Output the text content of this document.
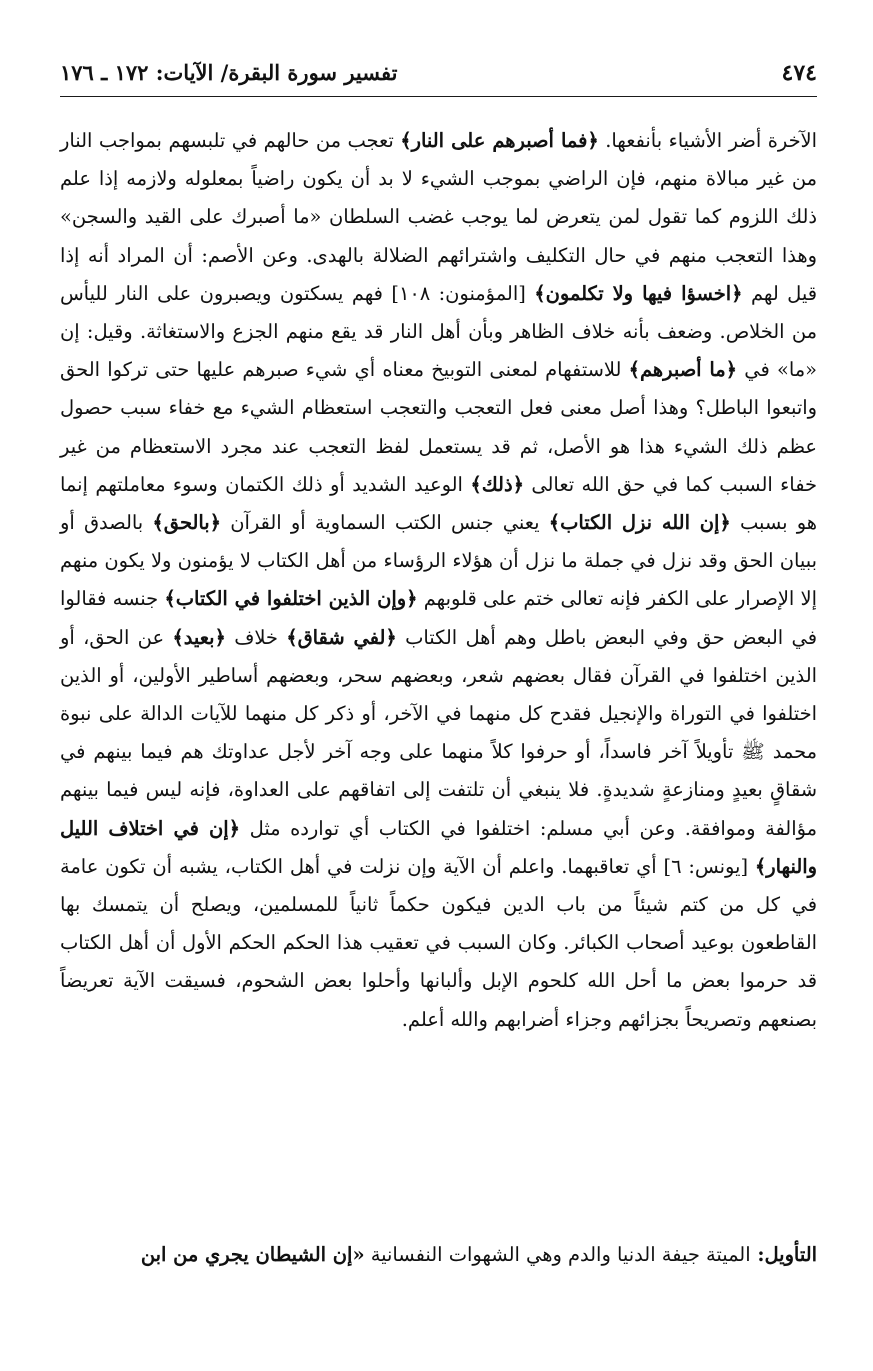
تفسير سورة البقرة/ الآيات: ١٧٢ ـ ١٧٦	٤٧٤

الآخرة أضر الأشياء بأنفعها. ﴿فما أصبرهم على النار﴾ تعجب من حالهم في تلبسهم بمواجب النار من غير مبالاة منهم، فإن الراضي بموجب الشيء لا بد أن يكون راضياً بمعلوله ولازمه إذا علم ذلك اللزوم كما تقول لمن يتعرض لما يوجب غضب السلطان «ما أصبرك على القيد والسجن» وهذا التعجب منهم في حال التكليف واشترائهم الضلالة بالهدى. وعن الأصم: أن المراد أنه إذا قيل لهم ﴿اخسؤا فيها ولا تكلمون﴾ [المؤمنون: ١٠٨] فهم يسكتون ويصبرون على النار لليأس من الخلاص. وضعف بأنه خلاف الظاهر وبأن أهل النار قد يقع منهم الجزع والاستغاثة. وقيل: إن «ما» في ﴿ما أصبرهم﴾ للاستفهام لمعنى التوبيخ معناه أي شيء صبرهم عليها حتى تركوا الحق واتبعوا الباطل؟ وهذا أصل معنى فعل التعجب والتعجب استعظام الشيء مع خفاء سبب حصول عظم ذلك الشيء هذا هو الأصل، ثم قد يستعمل لفظ التعجب عند مجرد الاستعظام من غير خفاء السبب كما في حق الله تعالى ﴿ذلك﴾ الوعيد الشديد أو ذلك الكتمان وسوء معاملتهم إنما هو بسبب ﴿إن الله نزل الكتاب﴾ يعني جنس الكتب السماوية أو القرآن ﴿بالحق﴾ بالصدق أو ببيان الحق وقد نزل في جملة ما نزل أن هؤلاء الرؤساء من أهل الكتاب لا يؤمنون ولا يكون منهم إلا الإصرار على الكفر فإنه تعالى ختم على قلوبهم ﴿وإن الذين اختلفوا في الكتاب﴾ جنسه فقالوا في البعض حق وفي البعض باطل وهم أهل الكتاب ﴿لفي شقاق﴾ خلاف ﴿بعيد﴾ عن الحق، أو الذين اختلفوا في القرآن فقال بعضهم شعر، وبعضهم سحر، وبعضهم أساطير الأولين، أو الذين اختلفوا في التوراة والإنجيل فقدح كل منهما في الآخر، أو ذكر كل منهما للآيات الدالة على نبوة محمد ﷺ تأويلاً آخر فاسداً، أو حرفوا كلاً منهما على وجه آخر لأجل عداوتك هم فيما بينهم في شقاقٍ بعيدٍ ومنازعةٍ شديدةٍ. فلا ينبغي أن تلتفت إلى اتفاقهم على العداوة، فإنه ليس فيما بينهم مؤالفة وموافقة. وعن أبي مسلم: اختلفوا في الكتاب أي توارده مثل ﴿إن في اختلاف الليل والنهار﴾ [يونس: ٦] أي تعاقبهما. واعلم أن الآية وإن نزلت في أهل الكتاب، يشبه أن تكون عامة في كل من كتم شيئاً من باب الدين فيكون حكماً ثانياً للمسلمين، ويصلح أن يتمسك بها القاطعون بوعيد أصحاب الكبائر. وكان السبب في تعقيب هذا الحكم الحكم الأول أن أهل الكتاب قد حرموا بعض ما أحل الله كلحوم الإبل وألبانها وأحلوا بعض الشحوم، فسيقت الآية تعريضاً بصنعهم وتصريحاً بجزائهم وجزاء أضرابهم والله أعلم.

التأويل: الميتة جيفة الدنيا والدم وهي الشهوات النفسانية «إن الشيطان يجري من ابن
